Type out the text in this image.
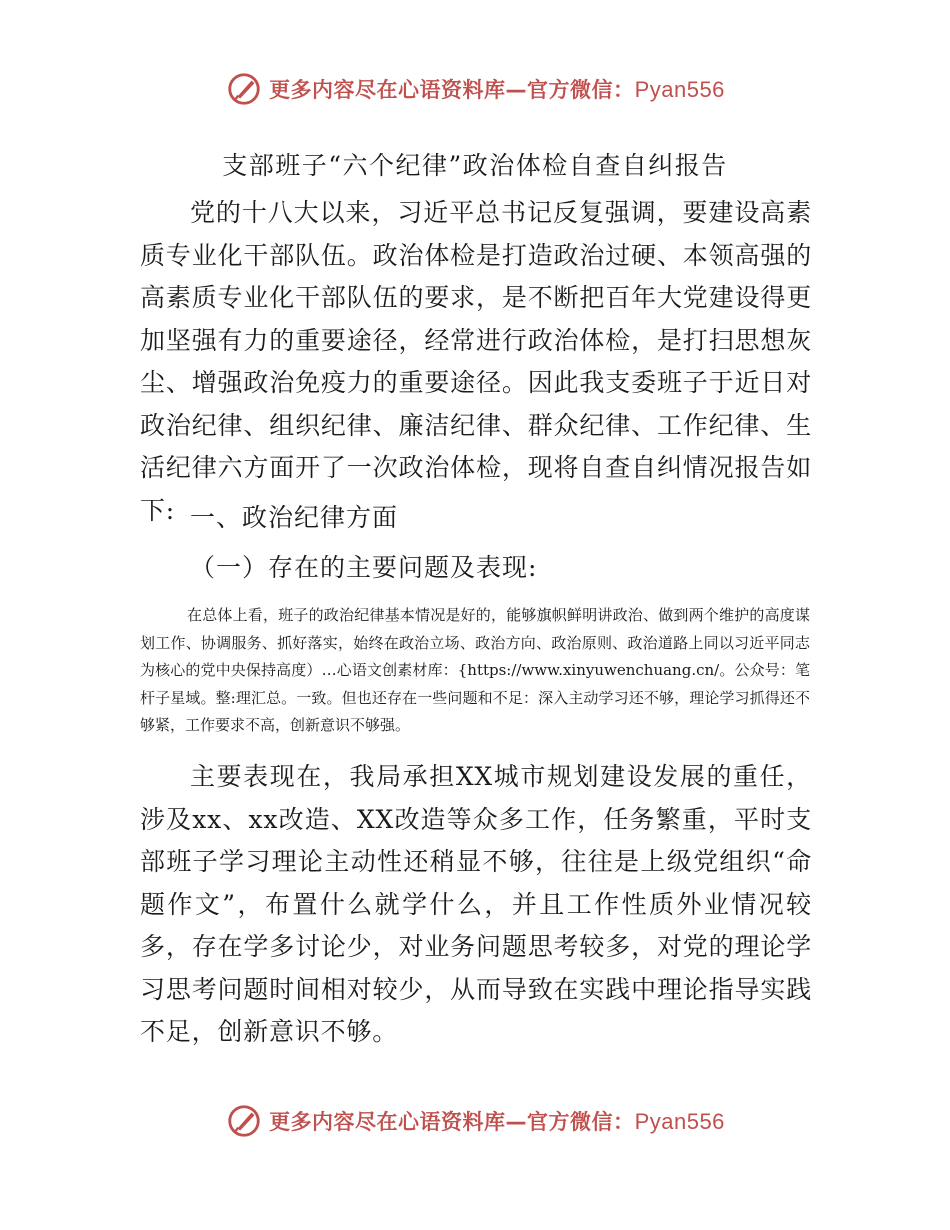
更多内容尽在心语资料库—官方微信：Pyan556
支部班子“六个纪律”政治体检自查自纠报告

党的十八大以来，习近平总书记反复强调，要建设高素质专业化干部队伍。政治体检是打造政治过硬、本领高强的高素质专业化干部队伍的要求，是不断把百年大党建设得更加坚强有力的重要途径，经常进行政治体检，是打扫思想灰尘、增强政治免疫力的重要途径。因此我支委班子于近日对政治纪律、组织纪律、廉洁纪律、群众纪律、工作纪律、生活纪律六方面开了一次政治体检，现将自查自纠情况报告如下: 一、政治纪律方面
（一）存在的主要问题及表现:

在总体上看，班子的政治纪律基本情况是好的，能够旗帜鲜明讲政治、做到两个维护的高度谋划工作、协调服务、抓好落实，始终在政治立场、政治方向、政治原则、政治道路上同以习近平同志为核心的党中央保持高度）…心语文创素材库：{https://www.xinyuwenchuang.cn/。公众号：笔杆子星域。整:理汇总。一致。但也还存在一些问题和不足：深入主动学习还不够，理论学习抓得还不够紧，工作要求不高，创新意识不够强。

主要表现在，我局承担XX城市规划建设发展的重任，涉及xx、xx改造、XX改造等众多工作，任务繁重，平时支部班子学习理论主动性还稍显不够，往往是上级党组织“命题作文”，布置什么就学什么，并且工作性质外业情况较多，存在学多讨论少，对业务问题思考较多，对党的理论学习思考问题时间相对较少，从而导致在实践中理论指导实践不足，创新意识不够。

更多内容尽在心语资料库—官方微信：Pyan556
